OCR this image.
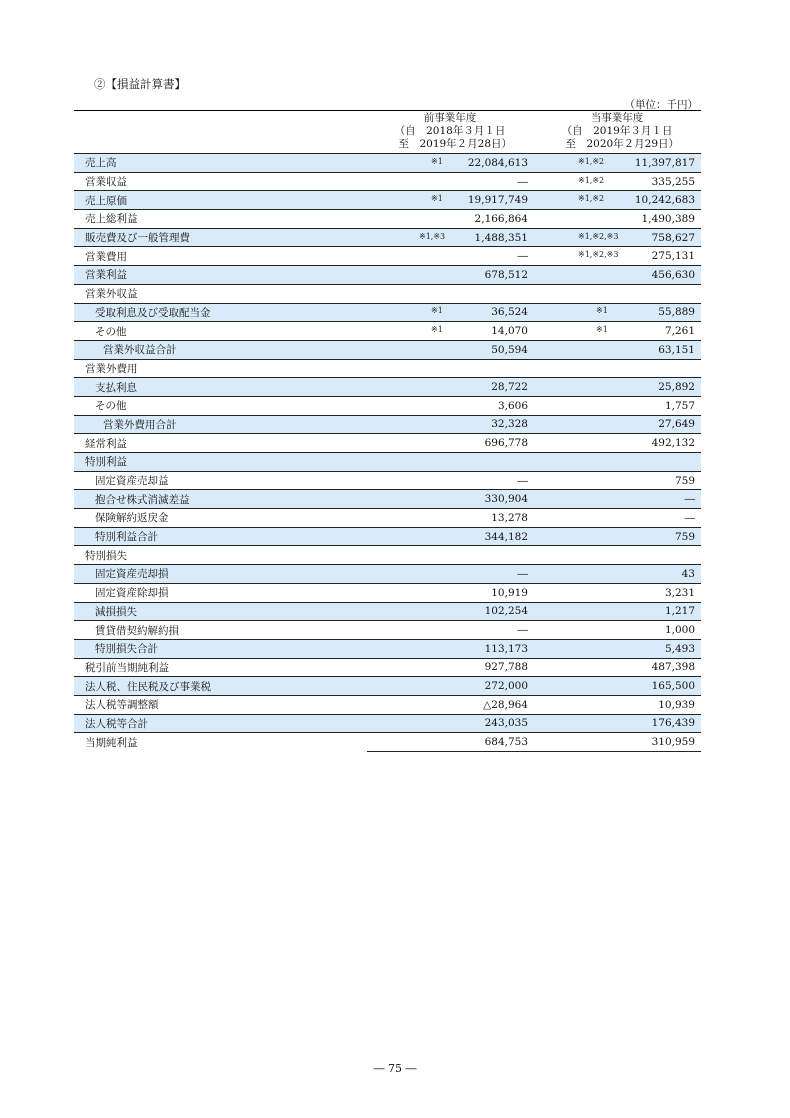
②【損益計算書】
（単位：千円）
前事業年度
（自　2018年３月１日
　至　2019年２月28日）
当事業年度
（自　2019年３月１日
　至　2020年２月29日）
売上高	※1 22,084,613	※1,※2 11,397,817
営業収益	―	※1,※2 335,255
売上原価	※1 19,917,749	※1,※2 10,242,683
売上総利益	2,166,864	1,490,389
販売費及び一般管理費	※1,※3 1,488,351	※1,※2,※3 758,627
営業費用	―	※1,※2,※3 275,131
営業利益	678,512	456,630
営業外収益	

受取利息及び受取配当金	※1 36,524	※1 55,889
その他	※1 14,070	※1 7,261
営業外収益合計	50,594	63,151
営業外費用	

支払利息	28,722	25,892
その他	3,606	1,757
営業外費用合計	32,328	27,649
経常利益	696,778	492,132
特別利益	

固定資産売却益	―	759
抱合せ株式消滅差益	330,904	―
保険解約返戻金	13,278	―
特別利益合計	344,182	759
特別損失	

固定資産売却損	―	43
固定資産除却損	10,919	3,231
減損損失	102,254	1,217
賃貸借契約解約損	―	1,000
特別損失合計	113,173	5,493
税引前当期純利益	927,788	487,398
法人税、住民税及び事業税	272,000	165,500
法人税等調整額	△28,964	10,939
法人税等合計	243,035	176,439
当期純利益	684,753	310,959
― 75 ―
